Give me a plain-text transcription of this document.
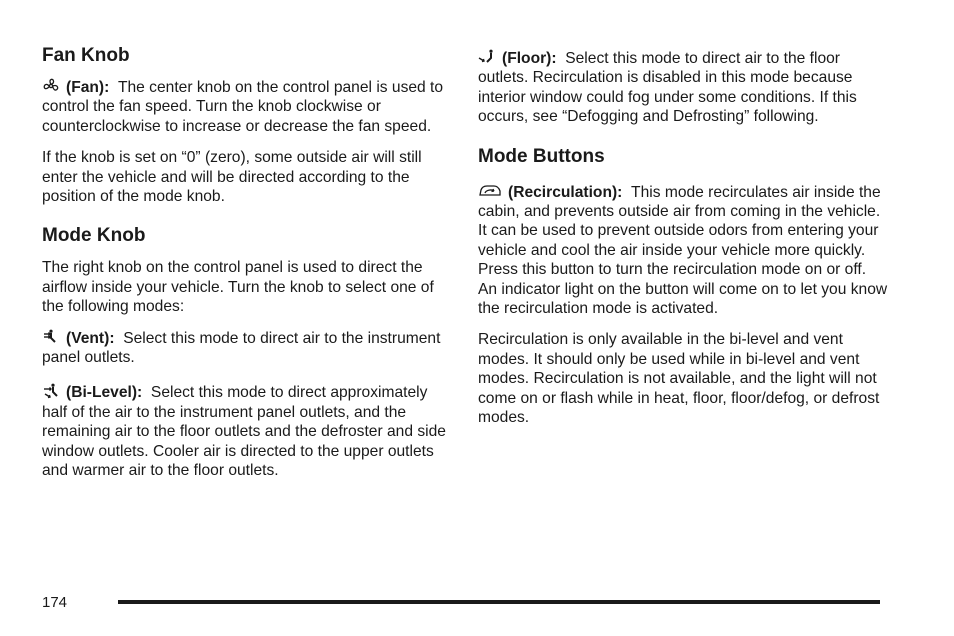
Fan Knob

(Fan): The center knob on the control panel is used to control the fan speed. Turn the knob clockwise or counterclockwise to increase or decrease the fan speed.

If the knob is set on “0” (zero), some outside air will still enter the vehicle and will be directed according to the position of the mode knob.

Mode Knob

The right knob on the control panel is used to direct the airflow inside your vehicle. Turn the knob to select one of the following modes:

(Vent): Select this mode to direct air to the instrument panel outlets.

(Bi-Level): Select this mode to direct approximately half of the air to the instrument panel outlets, and the remaining air to the floor outlets and the defroster and side window outlets. Cooler air is directed to the upper outlets and warmer air to the floor outlets.

(Floor): Select this mode to direct air to the floor outlets. Recirculation is disabled in this mode because interior window could fog under some conditions. If this occurs, see “Defogging and Defrosting” following.

Mode Buttons

(Recirculation): This mode recirculates air inside the cabin, and prevents outside air from coming in the vehicle. It can be used to prevent outside odors from entering your vehicle and cool the air inside your vehicle more quickly. Press this button to turn the recirculation mode on or off. An indicator light on the button will come on to let you know the recirculation mode is activated.

Recirculation is only available in the bi-level and vent modes. It should only be used while in bi-level and vent modes. Recirculation is not available, and the light will not come on or flash while in heat, floor, floor/defog, or defrost modes.

174
